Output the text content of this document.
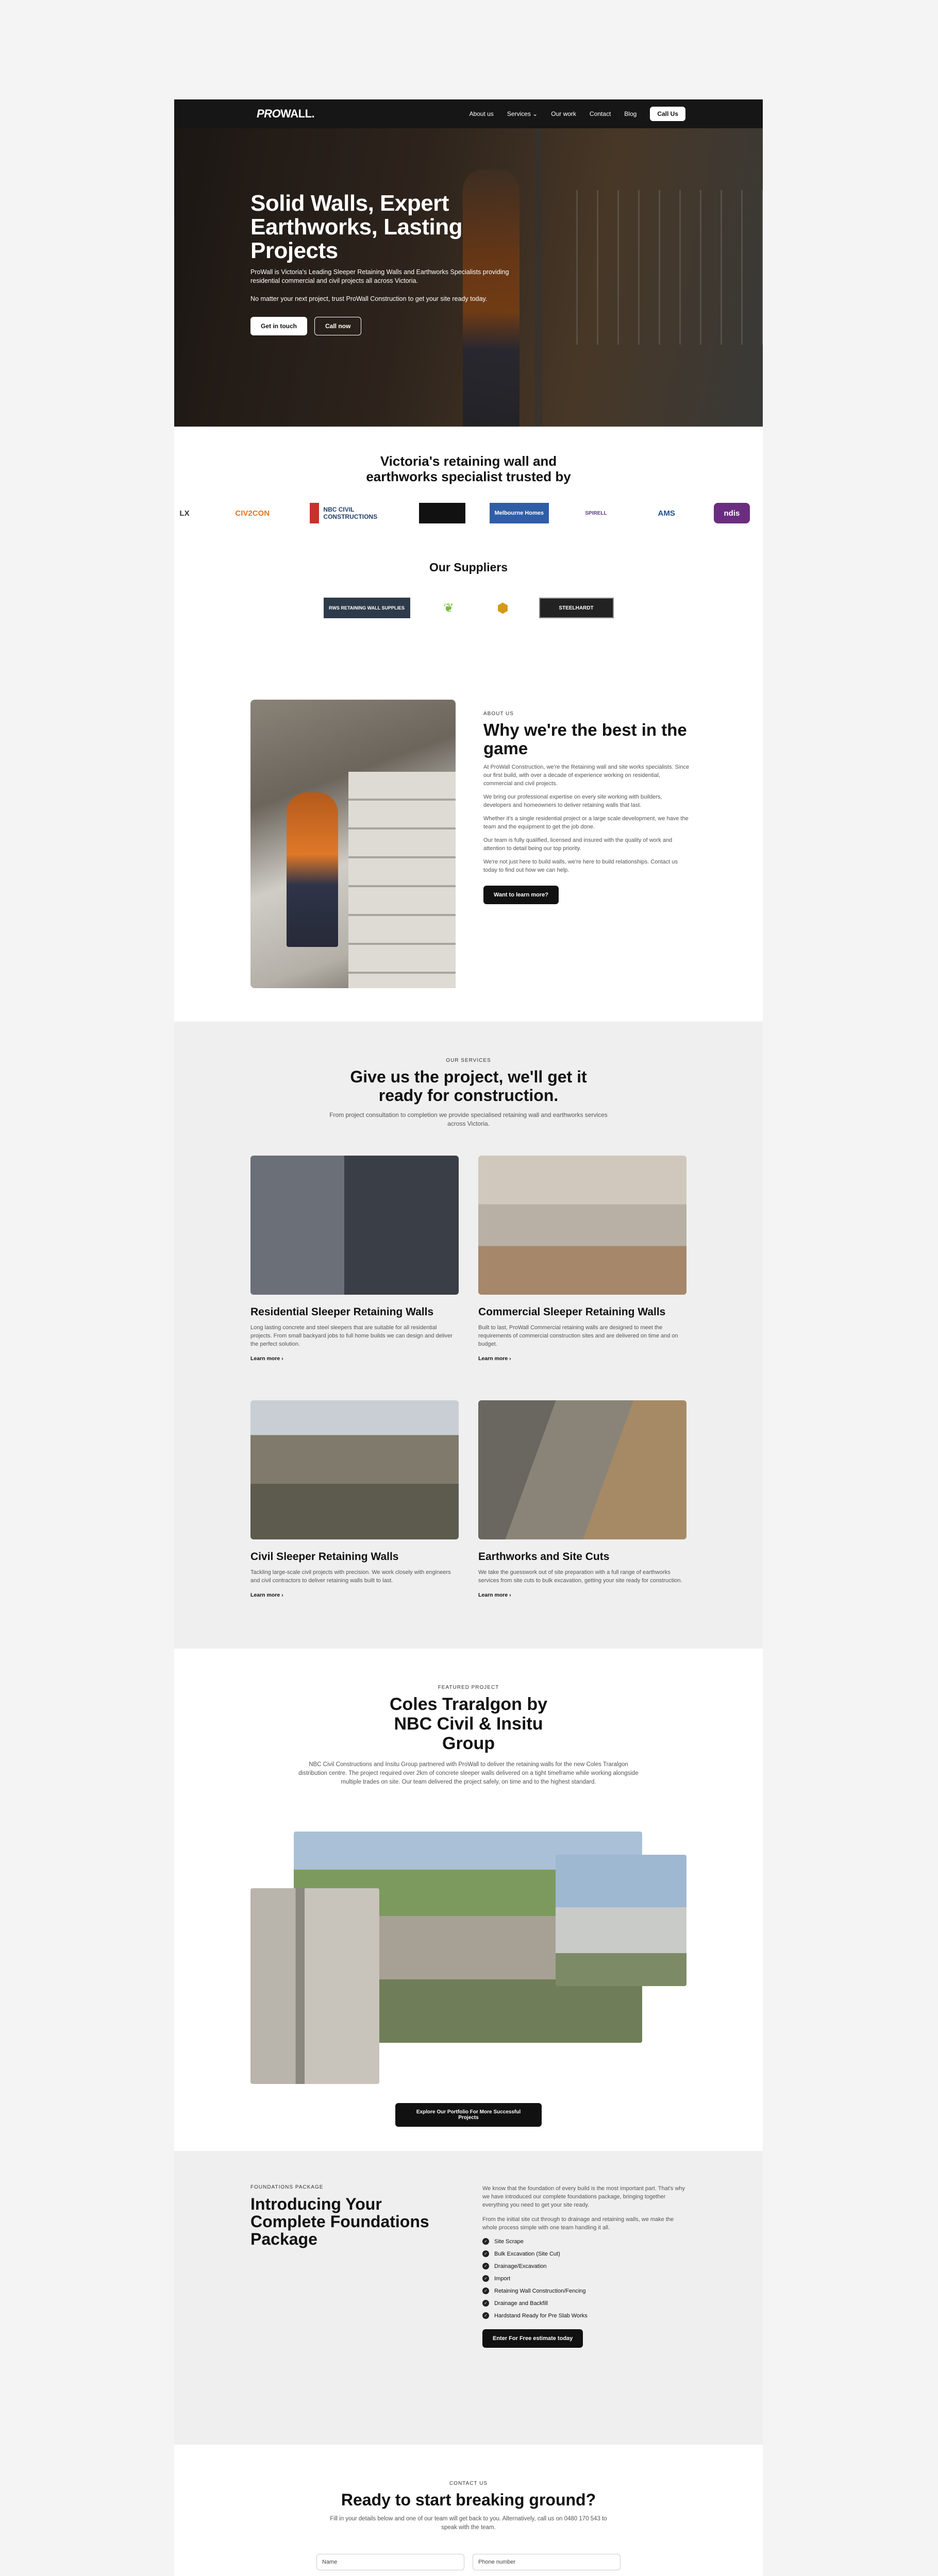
PROWALL.	About us Services ⌄ Our work Contact Blog	Call Us
Solid Walls, Expert Earthworks, Lasting Projects

ProWall is Victoria's Leading Sleeper Retaining Walls and Earthworks Specialists providing residential commercial and civil projects all across Victoria.

No matter your next project, trust ProWall Construction to get your site ready today.

Get in touch	Call now
Victoria's retaining wall and earthworks specialist trusted by
LX	CIV2CON	NBC CIVIL CONSTRUCTIONS	Melbourne Homes	SPIRELL	AMS	ndis
Our Suppliers
RWS RETAINING WALL SUPPLIES	❦	⬢	STEELHARDT
ABOUT US
Why we're the best in the game

At ProWall Construction, we're the Retaining wall and site works specialists. Since our first build, with over a decade of experience working on residential, commercial and civil projects.

We bring our professional expertise on every site working with builders, developers and homeowners to deliver retaining walls that last.

Whether it's a single residential project or a large scale development, we have the team and the equipment to get the job done.

Our team is fully qualified, licensed and insured with the quality of work and attention to detail being our top priority.

We're not just here to build walls, we're here to build relationships. Contact us today to find out how we can help.

Want to learn more?
OUR SERVICES
Give us the project, we'll get it ready for construction.
From project consultation to completion we provide specialised retaining wall and earthworks services across Victoria.
Residential Sleeper Retaining Walls

Long lasting concrete and steel sleepers that are suitable for all residential projects. From small backyard jobs to full home builds we can design and deliver the perfect solution.

Learn more ›
Commercial Sleeper Retaining Walls

Built to last, ProWall Commercial retaining walls are designed to meet the requirements of commercial construction sites and are delivered on time and on budget.

Learn more ›
Civil Sleeper Retaining Walls

Tackling large-scale civil projects with precision. We work closely with engineers and civil contractors to deliver retaining walls built to last.

Learn more ›
Earthworks and Site Cuts

We take the guesswork out of site preparation with a full range of earthworks services from site cuts to bulk excavation, getting your site ready for construction.

Learn more ›
FEATURED PROJECT
Coles Traralgon by NBC Civil & Insitu Group
NBC Civil Constructions and Insitu Group partnered with ProWall to deliver the retaining walls for the new Coles Traralgon distribution centre. The project required over 2km of concrete sleeper walls delivered on a tight timeframe while working alongside multiple trades on site. Our team delivered the project safely, on time and to the highest standard.
Explore Our Portfolio For More Successful Projects
FOUNDATIONS PACKAGE
Introducing Your Complete Foundations Package

We know that the foundation of every build is the most important part. That's why we have introduced our complete foundations package, bringing together everything you need to get your site ready.

From the initial site cut through to drainage and retaining walls, we make the whole process simple with one team handling it all.

✓ Site Scrape
✓ Bulk Excavation (Site Cut)
✓ Drainage/Excavation
✓ Import
✓ Retaining Wall Construction/Fencing
✓ Drainage and Backfill
✓ Hardstand Ready for Pre Slab Works
Enter For Free estimate today
CONTACT US
Ready to start breaking ground?
Fill in your details below and one of our team will get back to you. Alternatively, call us on 0480 170 543 to speak with the team.
Name	Phone number
